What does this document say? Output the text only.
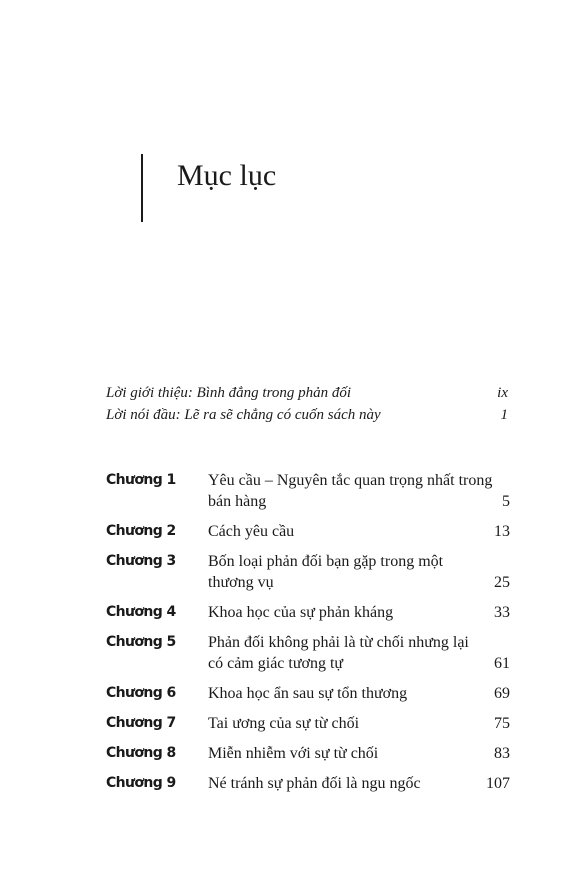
Mục lục
Lời giới thiệu: Bình đẳng trong phản đối	ix
Lời nói đầu: Lẽ ra sẽ chẳng có cuốn sách này	1
Chương 1	Yêu cầu – Nguyên tắc quan trọng nhất trong bán hàng	5
Chương 2	Cách yêu cầu	13
Chương 3	Bốn loại phản đối bạn gặp trong một thương vụ	25
Chương 4	Khoa học của sự phản kháng	33
Chương 5	Phản đối không phải là từ chối nhưng lại có cảm giác tương tự	61
Chương 6	Khoa học ẩn sau sự tổn thương	69
Chương 7	Tai ương của sự từ chối	75
Chương 8	Miễn nhiễm với sự từ chối	83
Chương 9	Né tránh sự phản đối là ngu ngốc	107
